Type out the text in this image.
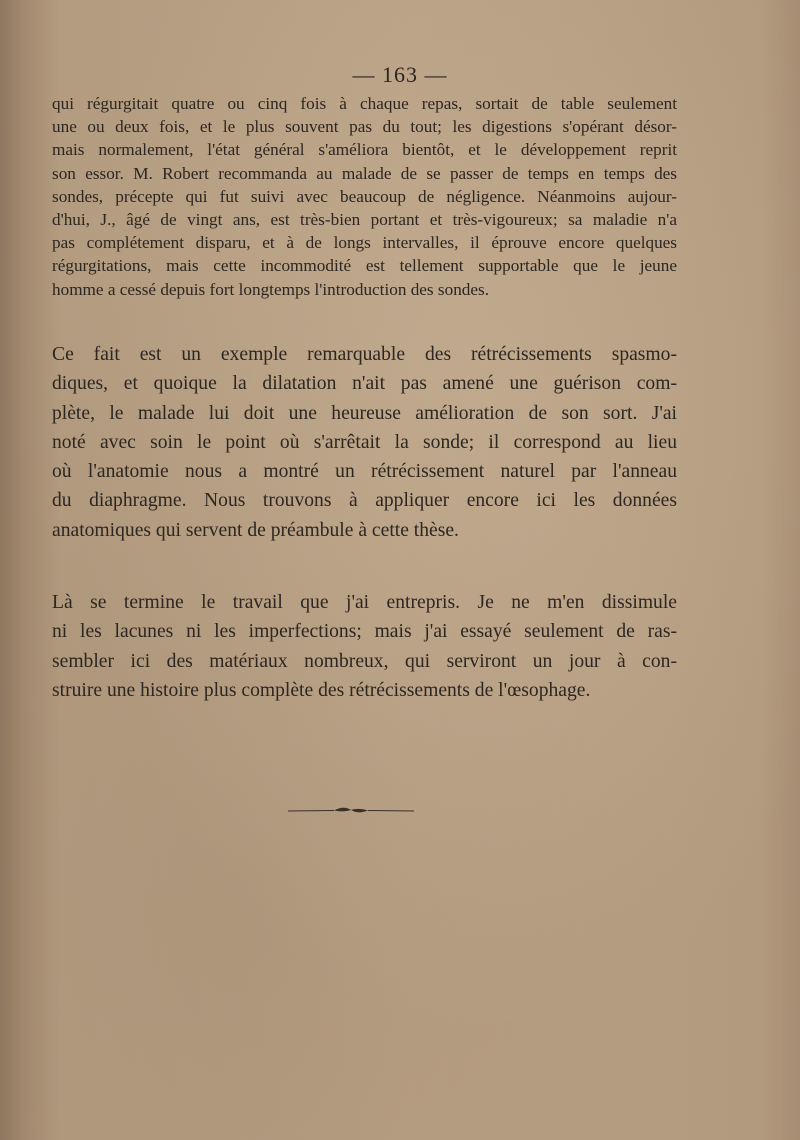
— 163 —

qui régurgitait quatre ou cinq fois à chaque repas, sortait de table seulement
une ou deux fois, et le plus souvent pas du tout; les digestions s'opérant désor-
mais normalement, l'état général s'améliora bientôt, et le développement reprit
son essor. M. Robert recommanda au malade de se passer de temps en temps des
sondes, précepte qui fut suivi avec beaucoup de négligence. Néanmoins aujour-
d'hui, J., âgé de vingt ans, est très-bien portant et très-vigoureux; sa maladie n'a
pas complétement disparu, et à de longs intervalles, il éprouve encore quelques
régurgitations, mais cette incommodité est tellement supportable que le jeune
homme a cessé depuis fort longtemps l'introduction des sondes.

Ce fait est un exemple remarquable des rétrécissements spasmo-
diques, et quoique la dilatation n'ait pas amené une guérison com-
plète, le malade lui doit une heureuse amélioration de son sort. J'ai
noté avec soin le point où s'arrêtait la sonde; il correspond au lieu
où l'anatomie nous a montré un rétrécissement naturel par l'anneau
du diaphragme. Nous trouvons à appliquer encore ici les données
anatomiques qui servent de préambule à cette thèse.

Là se termine le travail que j'ai entrepris. Je ne m'en dissimule
ni les lacunes ni les imperfections; mais j'ai essayé seulement de ras-
sembler ici des matériaux nombreux, qui serviront un jour à con-
struire une histoire plus complète des rétrécissements de l'œsophage.
